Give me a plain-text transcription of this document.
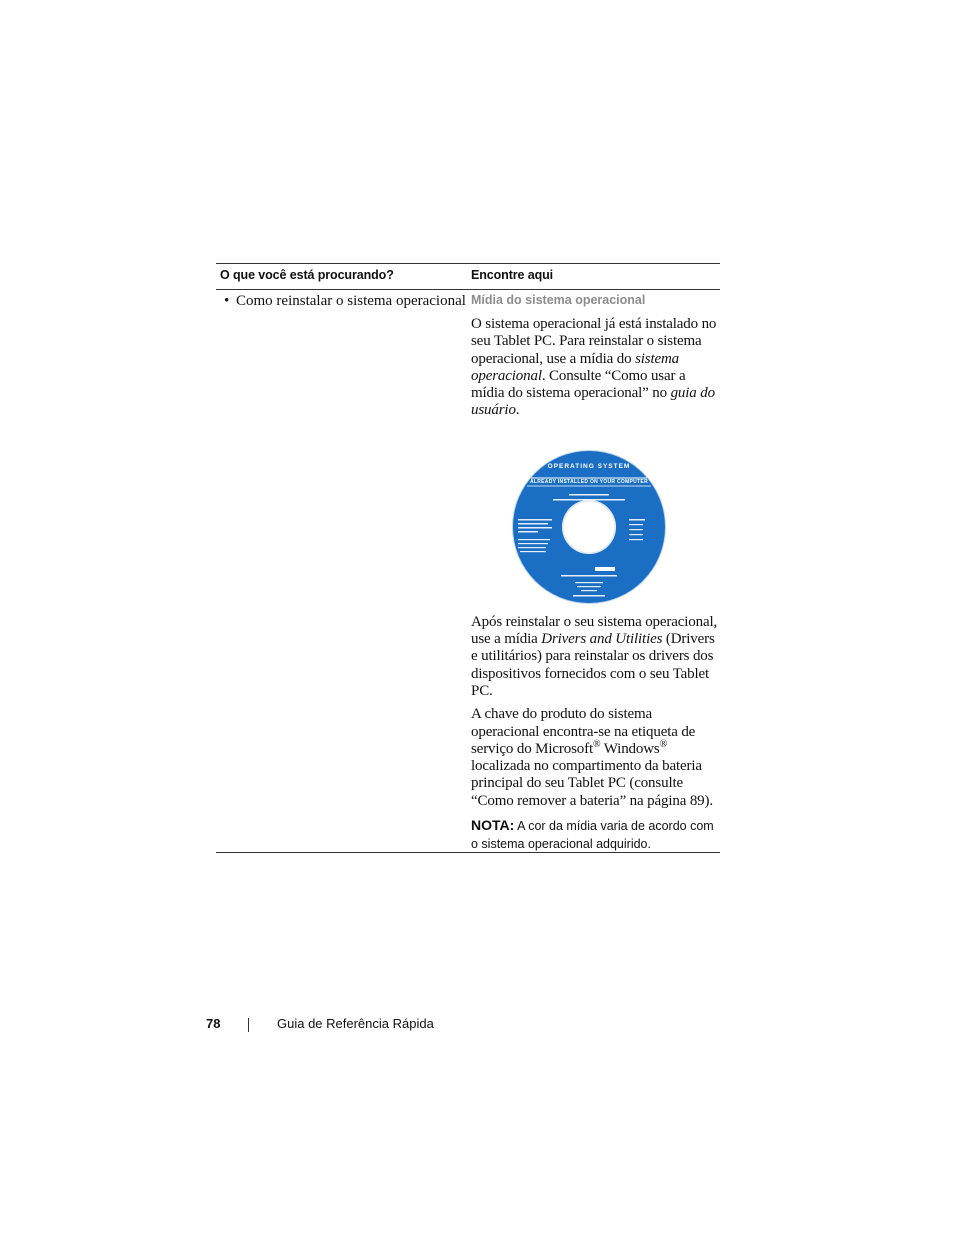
O que você está procurando?	Encontre aqui
• Como reinstalar o sistema operacional Mídia do sistema operacional

O sistema operacional já está instalado no seu Tablet PC. Para reinstalar o sistema operacional, use a mídia do sistema operacional. Consulte “Como usar a mídia do sistema operacional” no guia do usuário.

OPERATING SYSTEM
ALREADY INSTALLED ON YOUR COMPUTER

Após reinstalar o seu sistema operacional, use a mídia Drivers and Utilities (Drivers e utilitários) para reinstalar os drivers dos dispositivos fornecidos com o seu Tablet PC.

A chave do produto do sistema operacional encontra-se na etiqueta de serviço do Microsoft® Windows® localizada no compartimento da bateria principal do seu Tablet PC (consulte “Como remover a bateria” na página 89).

NOTA: A cor da mídia varia de acordo com o sistema operacional adquirido.
78	Guia de Referência Rápida
